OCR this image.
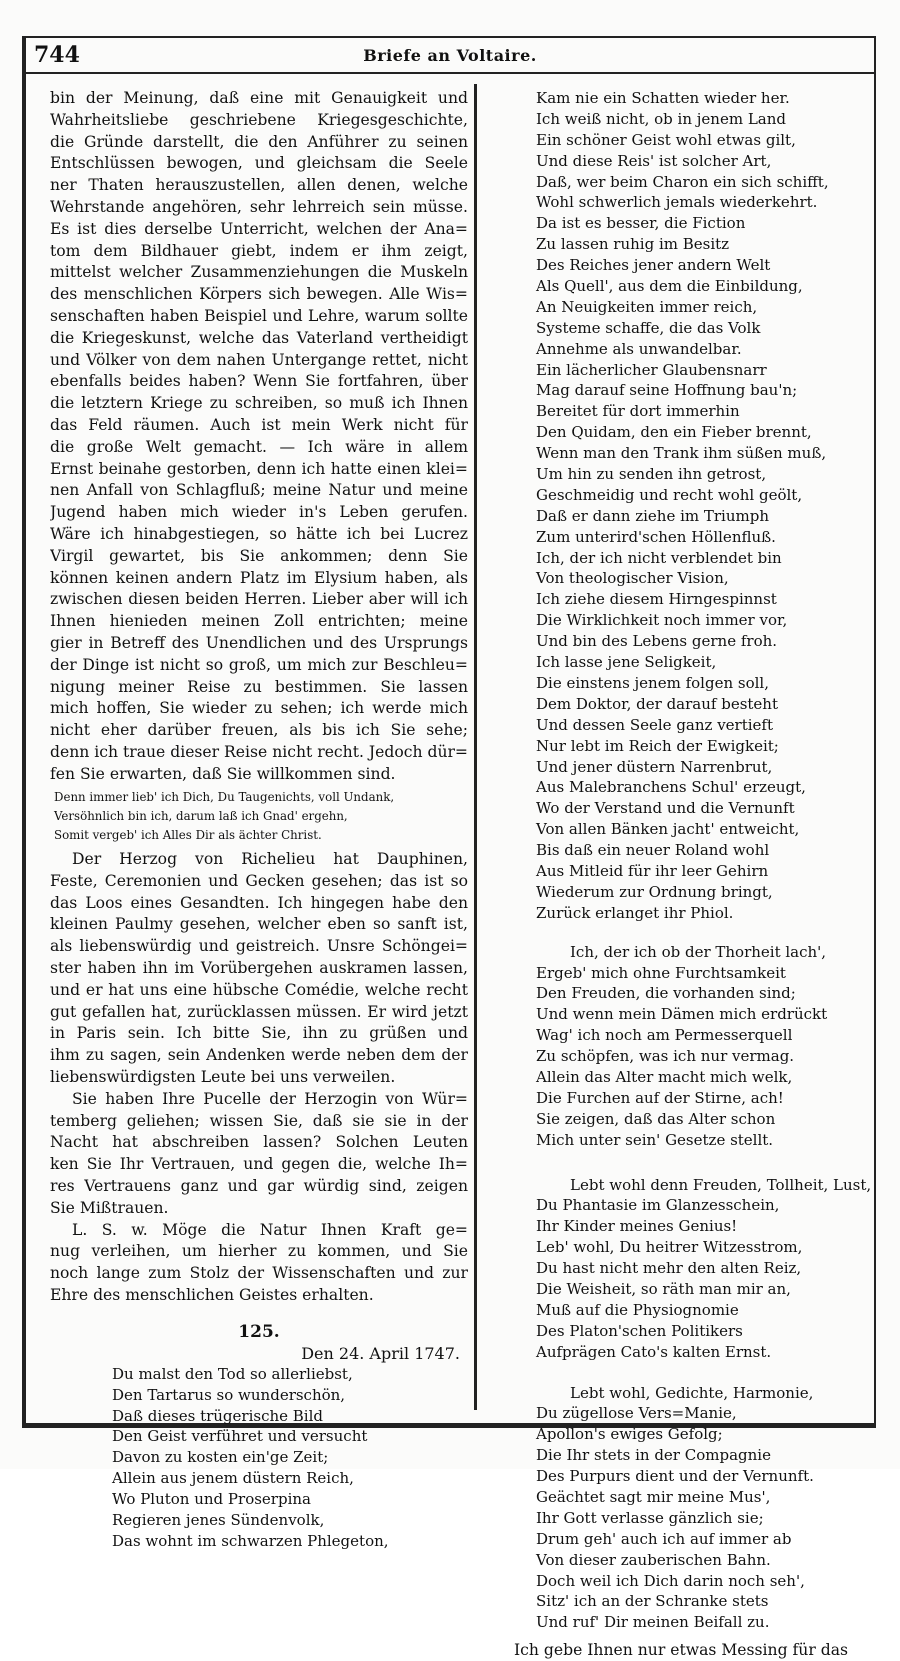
744	Briefe an Voltaire.
bin der Meinung, daß eine mit Genauigkeit und
Wahrheitsliebe geschriebene Kriegesgeschichte,
die Gründe darstellt, die den Anführer zu seinen
Entschlüssen bewogen, und gleichsam die Seele
ner Thaten herauszustellen, allen denen, welche
Wehrstande angehören, sehr lehrreich sein müsse.
Es ist dies derselbe Unterricht, welchen der Ana=
tom dem Bildhauer giebt, indem er ihm zeigt,
mittelst welcher Zusammenziehungen die Muskeln
des menschlichen Körpers sich bewegen. Alle Wis=
senschaften haben Beispiel und Lehre, warum sollte
die Kriegeskunst, welche das Vaterland vertheidigt
und Völker von dem nahen Untergange rettet, nicht
ebenfalls beides haben? Wenn Sie fortfahren, über
die letztern Kriege zu schreiben, so muß ich Ihnen
das Feld räumen. Auch ist mein Werk nicht für
die große Welt gemacht. — Ich wäre in allem
Ernst beinahe gestorben, denn ich hatte einen klei=
nen Anfall von Schlagfluß; meine Natur und meine
Jugend haben mich wieder in's Leben gerufen.
Wäre ich hinabgestiegen, so hätte ich bei Lucrez
Virgil gewartet, bis Sie ankommen; denn Sie
können keinen andern Platz im Elysium haben, als
zwischen diesen beiden Herren. Lieber aber will ich
Ihnen hienieden meinen Zoll entrichten; meine
gier in Betreff des Unendlichen und des Ursprungs
der Dinge ist nicht so groß, um mich zur Beschleu=
nigung meiner Reise zu bestimmen. Sie lassen
mich hoffen, Sie wieder zu sehen; ich werde mich
nicht eher darüber freuen, als bis ich Sie sehe;
denn ich traue dieser Reise nicht recht. Jedoch dür=
fen Sie erwarten, daß Sie willkommen sind.
Denn immer lieb' ich Dich, Du Taugenichts, voll Undank,
Versöhnlich bin ich, darum laß ich Gnad' ergehn,
Somit vergeb' ich Alles Dir als ächter Christ.
Der Herzog von Richelieu hat Dauphinen,
Feste, Ceremonien und Gecken gesehen; das ist so
das Loos eines Gesandten. Ich hingegen habe den
kleinen Paulmy gesehen, welcher eben so sanft ist,
als liebenswürdig und geistreich. Unsre Schöngei=
ster haben ihn im Vorübergehen auskramen lassen,
und er hat uns eine hübsche Comédie, welche recht
gut gefallen hat, zurücklassen müssen. Er wird jetzt
in Paris sein. Ich bitte Sie, ihn zu grüßen und
ihm zu sagen, sein Andenken werde neben dem der
liebenswürdigsten Leute bei uns verweilen.
Sie haben Ihre Pucelle der Herzogin von Wür=
temberg geliehen; wissen Sie, daß sie sie in der
Nacht hat abschreiben lassen? Solchen Leuten
ken Sie Ihr Vertrauen, und gegen die, welche Ih=
res Vertrauens ganz und gar würdig sind, zeigen
Sie Mißtrauen.
L. S. w. Möge die Natur Ihnen Kraft ge=
nug verleihen, um hierher zu kommen, und Sie
noch lange zum Stolz der Wissenschaften und zur
Ehre des menschlichen Geistes erhalten.
125.
Den 24. April 1747.
Du malst den Tod so allerliebst,
Den Tartarus so wunderschön,
Daß dieses trügerische Bild
Den Geist verführet und versucht
Davon zu kosten ein'ge Zeit;
Allein aus jenem düstern Reich,
Wo Pluton und Proserpina
Regieren jenes Sündenvolk,
Das wohnt im schwarzen Phlegeton,
Kam nie ein Schatten wieder her.
Ich weiß nicht, ob in jenem Land
Ein schöner Geist wohl etwas gilt,
Und diese Reis' ist solcher Art,
Daß, wer beim Charon ein sich schifft,
Wohl schwerlich jemals wiederkehrt.
Da ist es besser, die Fiction
Zu lassen ruhig im Besitz
Des Reiches jener andern Welt
Als Quell', aus dem die Einbildung,
An Neuigkeiten immer reich,
Systeme schaffe, die das Volk
Annehme als unwandelbar.
Ein lächerlicher Glaubensnarr
Mag darauf seine Hoffnung bau'n;
Bereitet für dort immerhin
Den Quidam, den ein Fieber brennt,
Wenn man den Trank ihm süßen muß,
Um hin zu senden ihn getrost,
Geschmeidig und recht wohl geölt,
Daß er dann ziehe im Triumph
Zum unterird'schen Höllenfluß.
Ich, der ich nicht verblendet bin
Von theologischer Vision,
Ich ziehe diesem Hirngespinnst
Die Wirklichkeit noch immer vor,
Und bin des Lebens gerne froh.
Ich lasse jene Seligkeit,
Die einstens jenem folgen soll,
Dem Doktor, der darauf besteht
Und dessen Seele ganz vertieft
Nur lebt im Reich der Ewigkeit;
Und jener düstern Narrenbrut,
Aus Malebranchens Schul' erzeugt,
Wo der Verstand und die Vernunft
Von allen Bänken jacht' entweicht,
Bis daß ein neuer Roland wohl
Aus Mitleid für ihr leer Gehirn
Wiederum zur Ordnung bringt,
Zurück erlanget ihr Phiol.
Ich, der ich ob der Thorheit lach',
Ergeb' mich ohne Furchtsamkeit
Den Freuden, die vorhanden sind;
Und wenn mein Dämen mich erdrückt
Wag' ich noch am Permesserquell
Zu schöpfen, was ich nur vermag.
Allein das Alter macht mich welk,
Die Furchen auf der Stirne, ach!
Sie zeigen, daß das Alter schon
Mich unter sein' Gesetze stellt.
Lebt wohl denn Freuden, Tollheit, Lust,
Du Phantasie im Glanzesschein,
Ihr Kinder meines Genius!
Leb' wohl, Du heitrer Witzesstrom,
Du hast nicht mehr den alten Reiz,
Die Weisheit, so räth man mir an,
Muß auf die Physiognomie
Des Platon'schen Politikers
Aufprägen Cato's kalten Ernst.
Lebt wohl, Gedichte, Harmonie,
Du zügellose Vers=Manie,
Apollon's ewiges Gefolg;
Die Ihr stets in der Compagnie
Des Purpurs dient und der Vernunft.
Geächtet sagt mir meine Mus',
Ihr Gott verlasse gänzlich sie;
Drum geh' auch ich auf immer ab
Von dieser zauberischen Bahn.
Doch weil ich Dich darin noch seh',
Sitz' ich an der Schranke stets
Und ruf' Dir meinen Beifall zu.
Ich gebe Ihnen nur etwas Messing für das
